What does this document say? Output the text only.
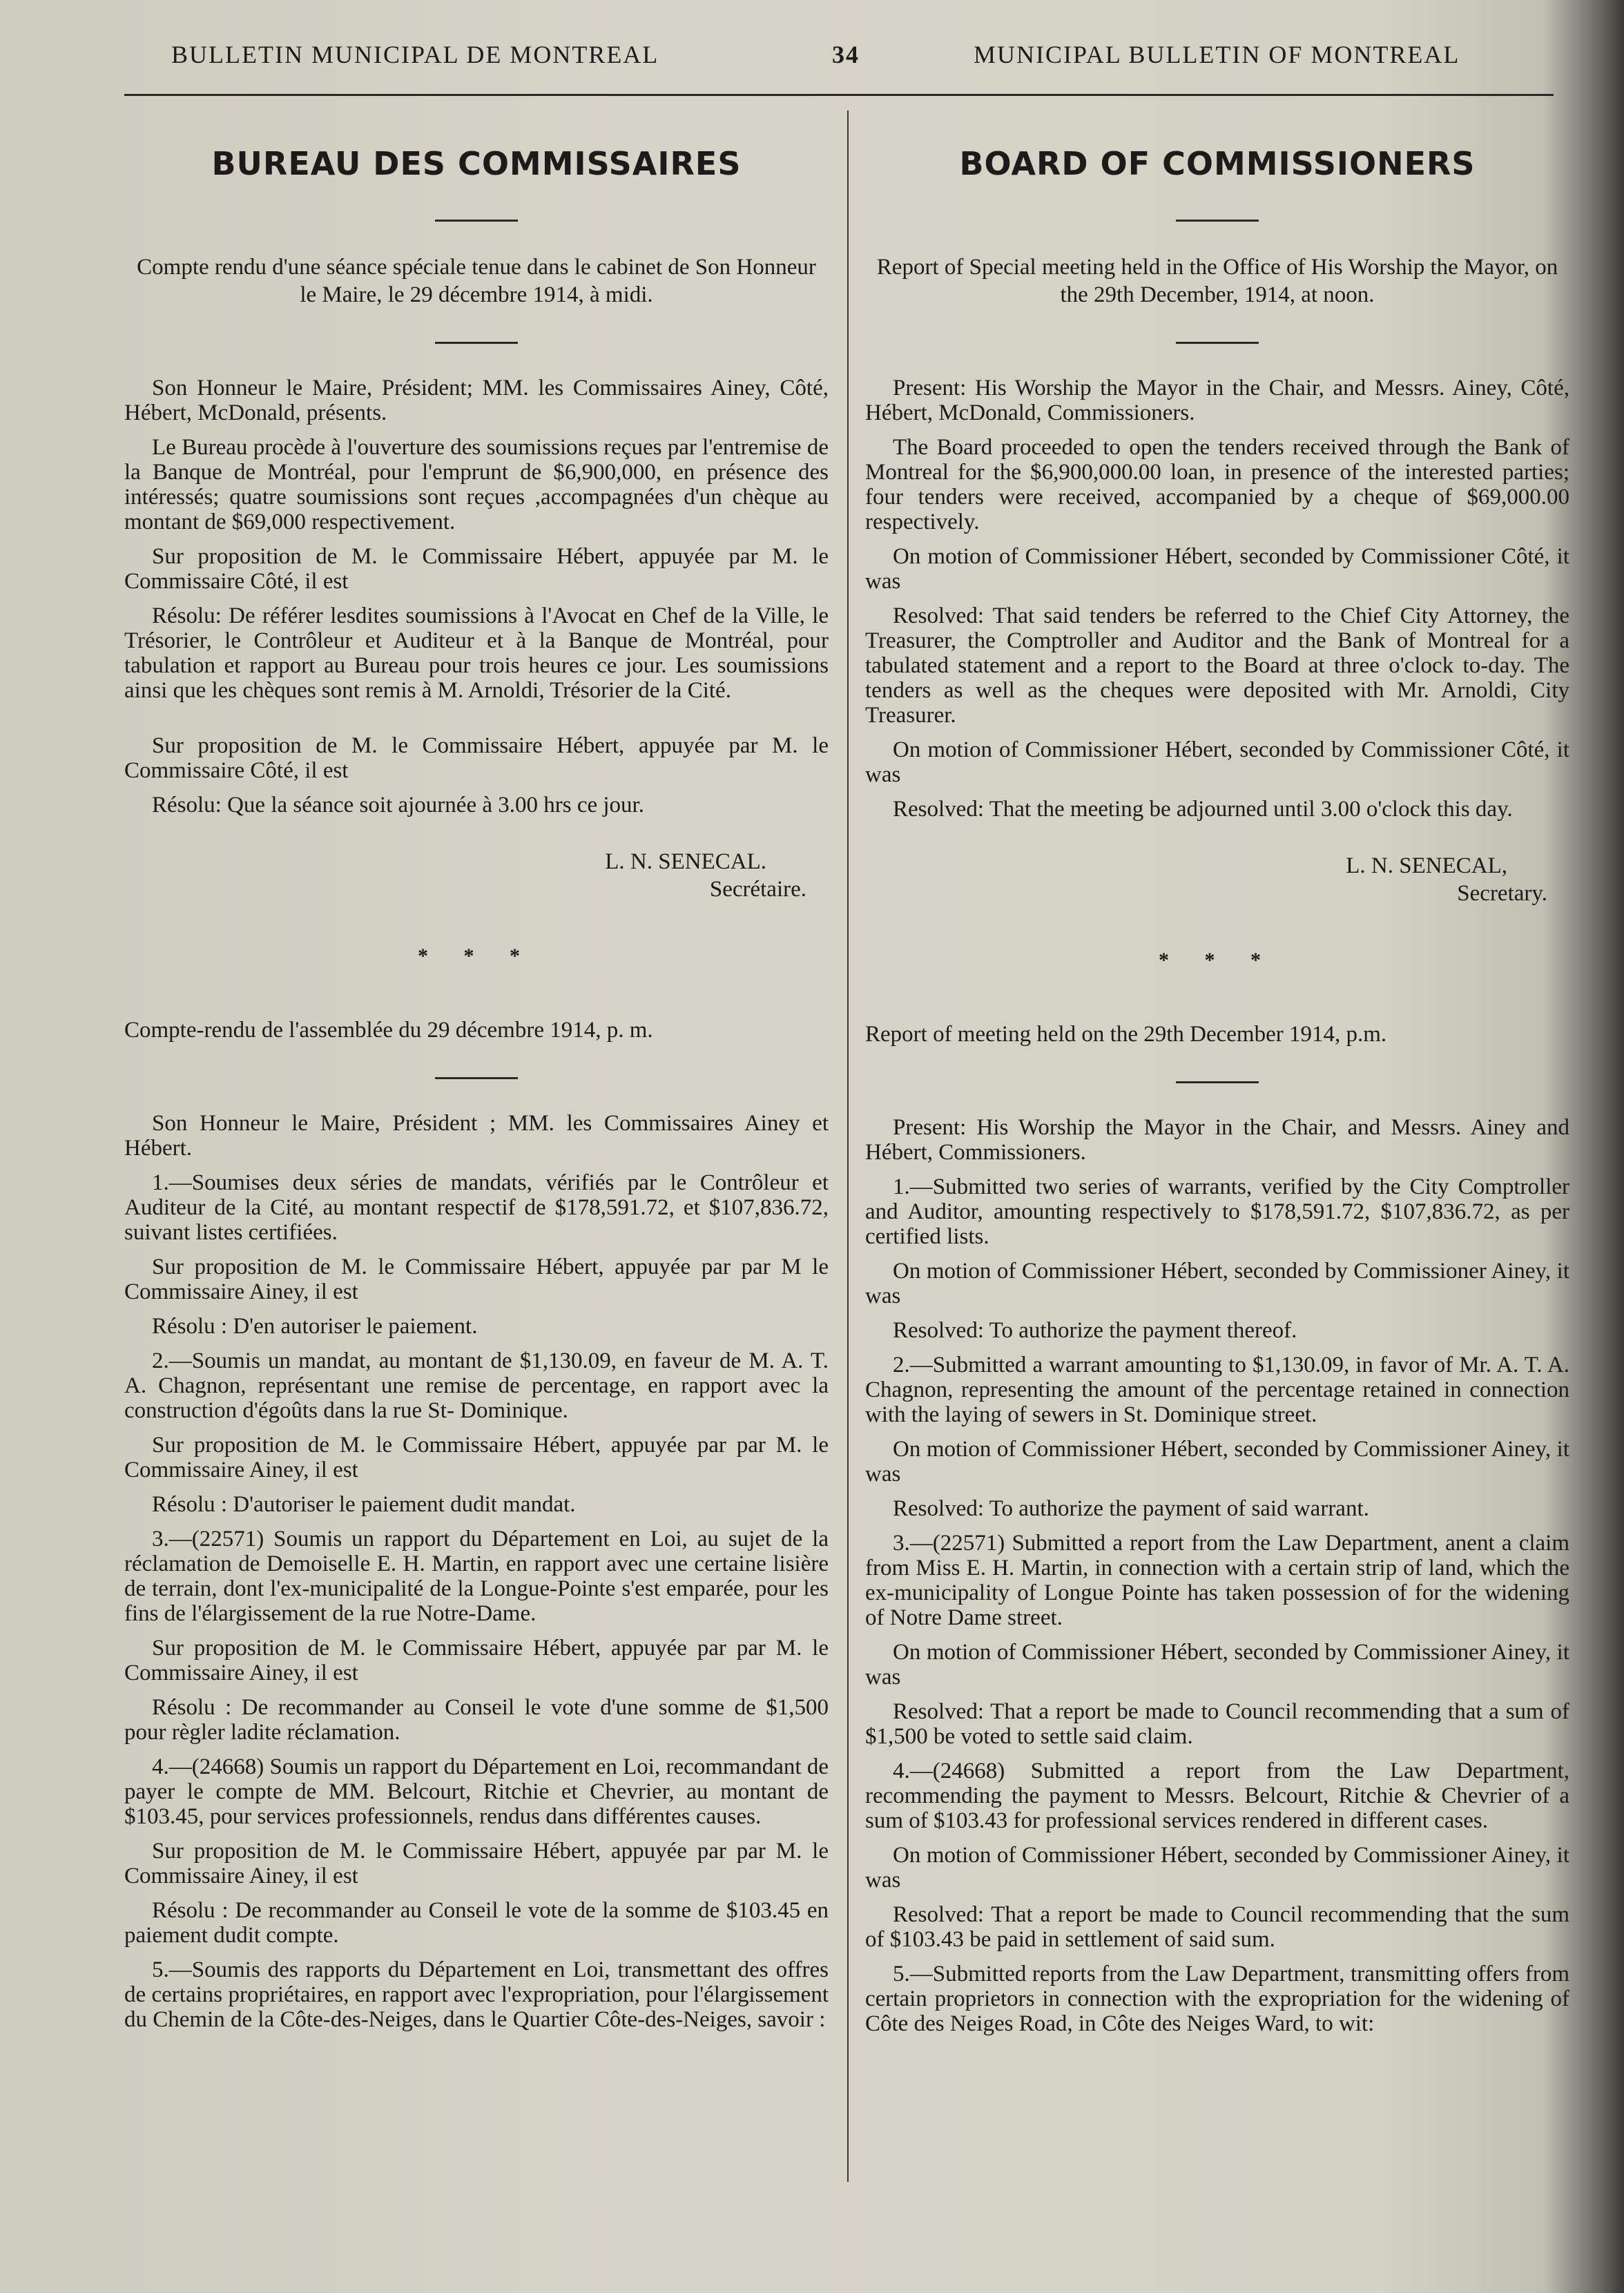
BULLETIN MUNICIPAL DE MONTREAL	34	MUNICIPAL BULLETIN OF MONTREAL
BUREAU DES COMMISSAIRES
Compte rendu d'une séance spéciale tenue dans le cabinet de Son Honneur le Maire, le 29 décembre 1914, à midi.

Son Honneur le Maire, Président; MM. les Commissaires Ainey, Côté, Hébert, McDonald, présents.

Le Bureau procède à l'ouverture des soumissions reçues par l'entremise de la Banque de Montréal, pour l'emprunt de $6,900,000, en présence des intéressés; quatre soumissions sont reçues ,accompagnées d'un chèque au montant de $69,000 respectivement.

Sur proposition de M. le Commissaire Hébert, appuyée par M. le Commissaire Côté, il est

Résolu: De référer lesdites soumissions à l'Avocat en Chef de la Ville, le Trésorier, le Contrôleur et Auditeur et à la Banque de Montréal, pour tabulation et rapport au Bureau pour trois heures ce jour. Les soumissions ainsi que les chèques sont remis à M. Arnoldi, Trésorier de la Cité.

Sur proposition de M. le Commissaire Hébert, appuyée par M. le Commissaire Côté, il est

Résolu: Que la séance soit ajournée à 3.00 hrs ce jour.

L. N. SENECAL.
Secrétaire.
* * *
Compte-rendu de l'assemblée du 29 décembre 1914, p. m.

Son Honneur le Maire, Président ; MM. les Commissaires Ainey et Hébert.

1.—Soumises deux séries de mandats, vérifiés par le Contrôleur et Auditeur de la Cité, au montant respectif de $178,591.72, et $107,836.72, suivant listes certifiées.

Sur proposition de M. le Commissaire Hébert, appuyée par par M le Commissaire Ainey, il est

Résolu : D'en autoriser le paiement.

2.—Soumis un mandat, au montant de $1,130.09, en faveur de M. A. T. A. Chagnon, représentant une remise de percentage, en rapport avec la construction d'égoûts dans la rue St- Dominique.

Sur proposition de M. le Commissaire Hébert, appuyée par par M. le Commissaire Ainey, il est

Résolu : D'autoriser le paiement dudit mandat.

3.—(22571) Soumis un rapport du Département en Loi, au sujet de la réclamation de Demoiselle E. H. Martin, en rapport avec une certaine lisière de terrain, dont l'ex-municipalité de la Longue-Pointe s'est emparée, pour les fins de l'élargissement de la rue Notre-Dame.

Sur proposition de M. le Commissaire Hébert, appuyée par par M. le Commissaire Ainey, il est

Résolu : De recommander au Conseil le vote d'une somme de $1,500 pour règler ladite réclamation.

4.—(24668) Soumis un rapport du Département en Loi, recommandant de payer le compte de MM. Belcourt, Ritchie et Chevrier, au montant de $103.45, pour services professionnels, rendus dans différentes causes.

Sur proposition de M. le Commissaire Hébert, appuyée par par M. le Commissaire Ainey, il est

Résolu : De recommander au Conseil le vote de la somme de $103.45 en paiement dudit compte.

5.—Soumis des rapports du Département en Loi, transmettant des offres de certains propriétaires, en rapport avec l'expropriation, pour l'élargissement du Chemin de la Côte-des-Neiges, dans le Quartier Côte-des-Neiges, savoir :

BOARD OF COMMISSIONERS
Report of Special meeting held in the Office of His Worship the Mayor, on the 29th December, 1914, at noon.

Present: His Worship the Mayor in the Chair, and Messrs. Ainey, Côté, Hébert, McDonald, Commissioners.

The Board proceeded to open the tenders received through the Bank of Montreal for the $6,900,000.00 loan, in presence of the interested parties; four tenders were received, accompanied by a cheque of $69,000.00 respectively.

On motion of Commissioner Hébert, seconded by Commissioner Côté, it was

Resolved: That said tenders be referred to the Chief City Attorney, the Treasurer, the Comptroller and Auditor and the Bank of Montreal for a tabulated statement and a report to the Board at three o'clock to-day. The tenders as well as the cheques were deposited with Mr. Arnoldi, City Treasurer.

On motion of Commissioner Hébert, seconded by Commissioner Côté, it was

Resolved: That the meeting be adjourned until 3.00 o'clock this day.

L. N. SENECAL,
Secretary.
* * *
Report of meeting held on the 29th December 1914, p.m.

Present: His Worship the Mayor in the Chair, and Messrs. Ainey and Hébert, Commissioners.

1.—Submitted two series of warrants, verified by the City Comptroller and Auditor, amounting respectively to $178,591.72, $107,836.72, as per certified lists.

On motion of Commissioner Hébert, seconded by Commissioner Ainey, it was

Resolved: To authorize the payment thereof.

2.—Submitted a warrant amounting to $1,130.09, in favor of Mr. A. T. A. Chagnon, representing the amount of the percentage retained in connection with the laying of sewers in St. Dominique street.

On motion of Commissioner Hébert, seconded by Commissioner Ainey, it was

Resolved: To authorize the payment of said warrant.

3.—(22571) Submitted a report from the Law Department, anent a claim from Miss E. H. Martin, in connection with a certain strip of land, which the ex-municipality of Longue Pointe has taken possession of for the widening of Notre Dame street.

On motion of Commissioner Hébert, seconded by Commissioner Ainey, it was

Resolved: That a report be made to Council recommending that a sum of $1,500 be voted to settle said claim.

4.—(24668) Submitted a report from the Law Department, recommending the payment to Messrs. Belcourt, Ritchie & Chevrier of a sum of $103.43 for professional services rendered in different cases.

On motion of Commissioner Hébert, seconded by Commissioner Ainey, it was

Resolved: That a report be made to Council recommending that the sum of $103.43 be paid in settlement of said sum.

5.—Submitted reports from the Law Department, transmitting offers from certain proprietors in connection with the expropriation for the widening of Côte des Neiges Road, in Côte des Neiges Ward, to wit:
